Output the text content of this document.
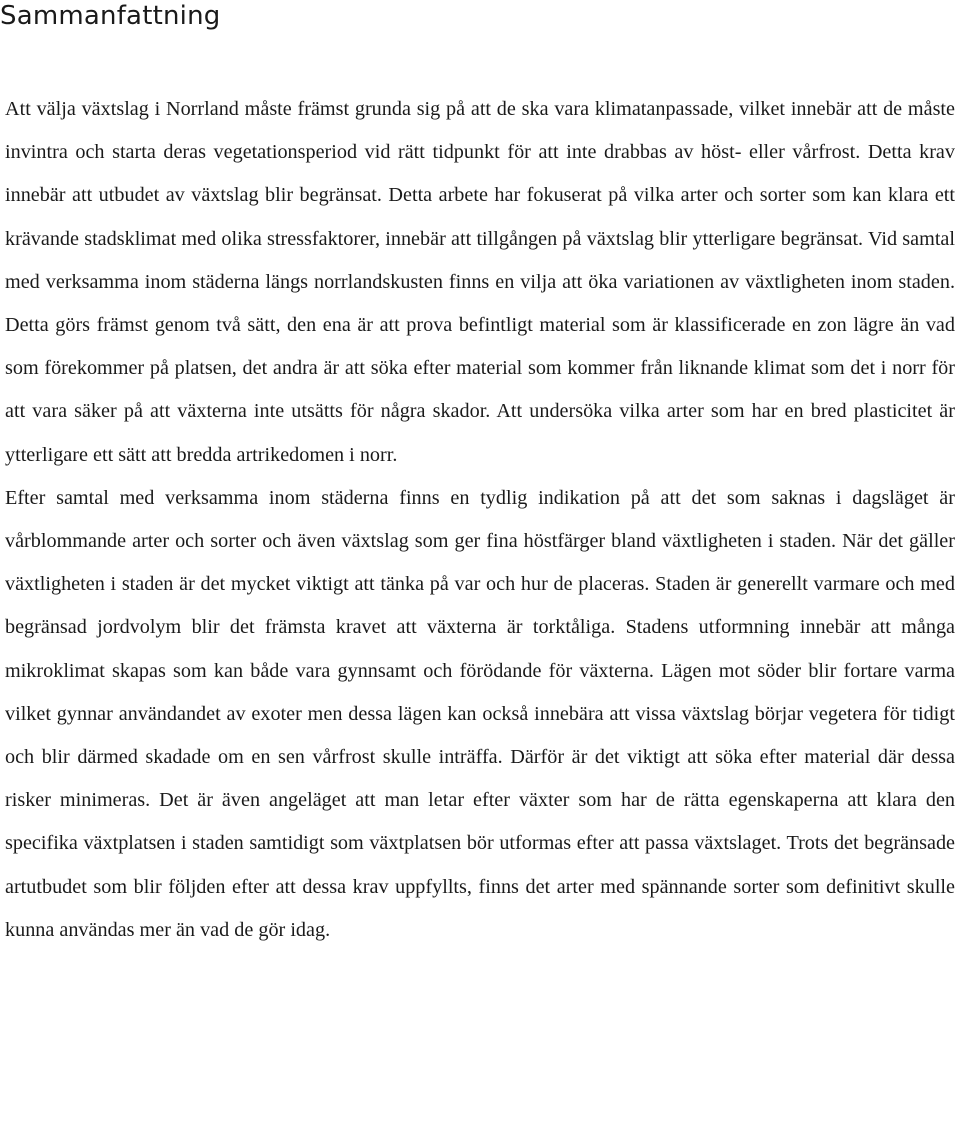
Sammanfattning

Att välja växtslag i Norrland måste främst grunda sig på att de ska vara klimatanpassade, vilket innebär att de måste invintra och starta deras vegetationsperiod vid rätt tidpunkt för att inte drabbas av höst- eller vårfrost. Detta krav innebär att utbudet av växtslag blir begränsat. Detta arbete har fokuserat på vilka arter och sorter som kan klara ett krävande stadsklimat med olika stressfaktorer, innebär att tillgången på växtslag blir ytterligare begränsat. Vid samtal med verksamma inom städerna längs norrlandskusten finns en vilja att öka variationen av växtligheten inom staden. Detta görs främst genom två sätt, den ena är att prova befintligt material som är klassificerade en zon lägre än vad som förekommer på platsen, det andra är att söka efter material som kommer från liknande klimat som det i norr för att vara säker på att växterna inte utsätts för några skador. Att undersöka vilka arter som har en bred plasticitet är ytterligare ett sätt att bredda artrikedomen i norr.

Efter samtal med verksamma inom städerna finns en tydlig indikation på att det som saknas i dagsläget är vårblommande arter och sorter och även växtslag som ger fina höstfärger bland växtligheten i staden. När det gäller växtligheten i staden är det mycket viktigt att tänka på var och hur de placeras. Staden är generellt varmare och med begränsad jordvolym blir det främsta kravet att växterna är torktåliga. Stadens utformning innebär att många mikroklimat skapas som kan både vara gynnsamt och förödande för växterna. Lägen mot söder blir fortare varma vilket gynnar användandet av exoter men dessa lägen kan också innebära att vissa växtslag börjar vegetera för tidigt och blir därmed skadade om en sen vårfrost skulle inträffa. Därför är det viktigt att söka efter material där dessa risker minimeras. Det är även angeläget att man letar efter växter som har de rätta egenskaperna att klara den specifika växtplatsen i staden samtidigt som växtplatsen bör utformas efter att passa växtslaget. Trots det begränsade artutbudet som blir följden efter att dessa krav uppfyllts, finns det arter med spännande sorter som definitivt skulle kunna användas mer än vad de gör idag.
